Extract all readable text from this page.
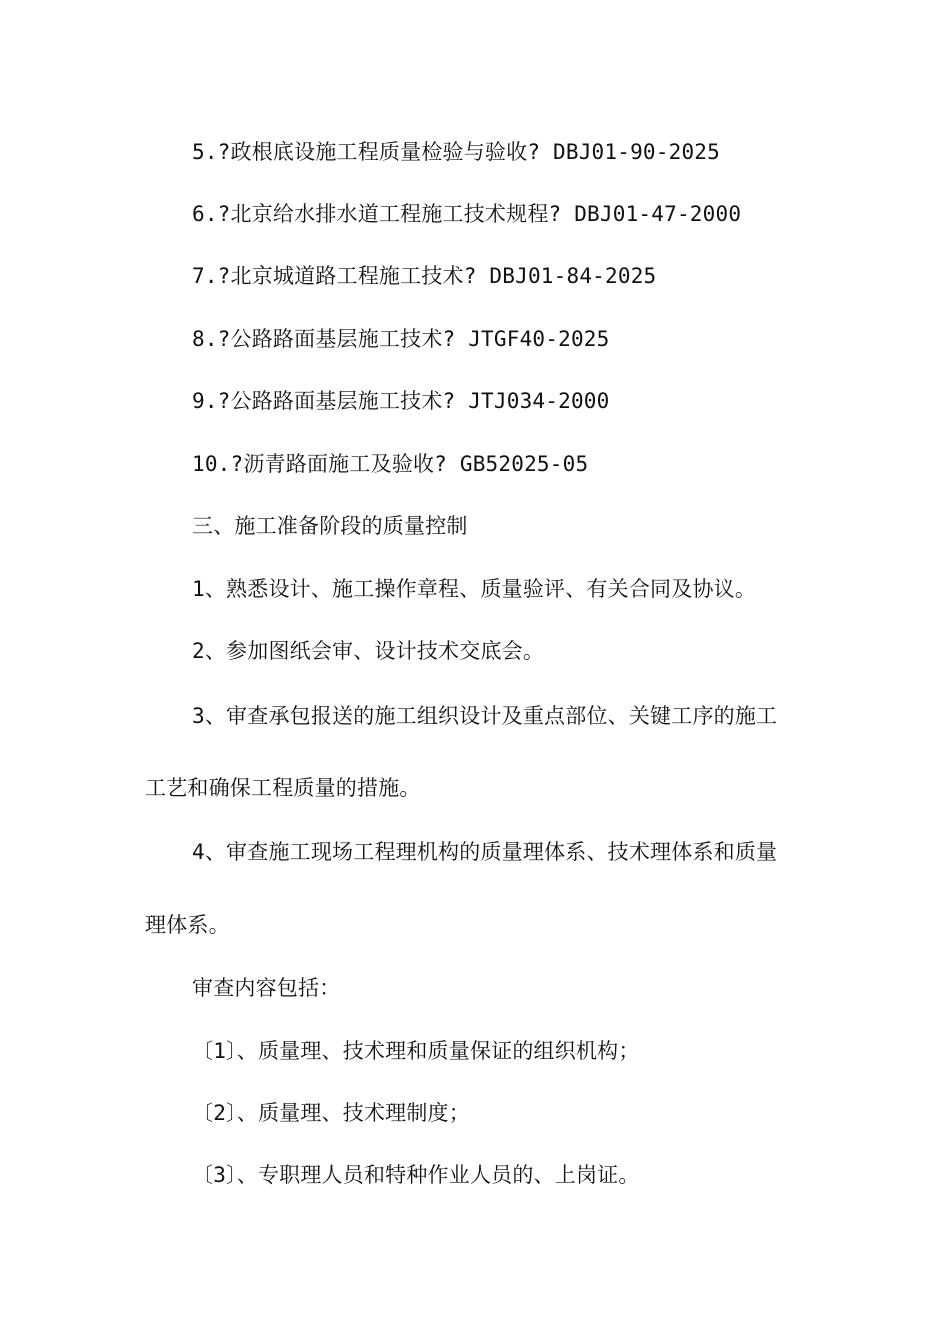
5.?政根底设施工程质量检验与验收? DBJ01-90-2025
6.?北京给水排水道工程施工技术规程? DBJ01-47-2000
7.?北京城道路工程施工技术? DBJ01-84-2025
8.?公路路面基层施工技术? JTGF40-2025
9.?公路路面基层施工技术? JTJ034-2000
10.?沥青路面施工及验收? GB52025-05
三、施工准备阶段的质量控制
1、熟悉设计、施工操作章程、质量验评、有关合同及协议。
2、参加图纸会审、设计技术交底会。
3、审查承包报送的施工组织设计及重点部位、关键工序的施工
工艺和确保工程质量的措施。
4、审查施工现场工程理机构的质量理体系、技术理体系和质量
理体系。
审查内容包括：
〔1〕、质量理、技术理和质量保证的组织机构；
〔2〕、质量理、技术理制度；
〔3〕、专职理人员和特种作业人员的、上岗证。
